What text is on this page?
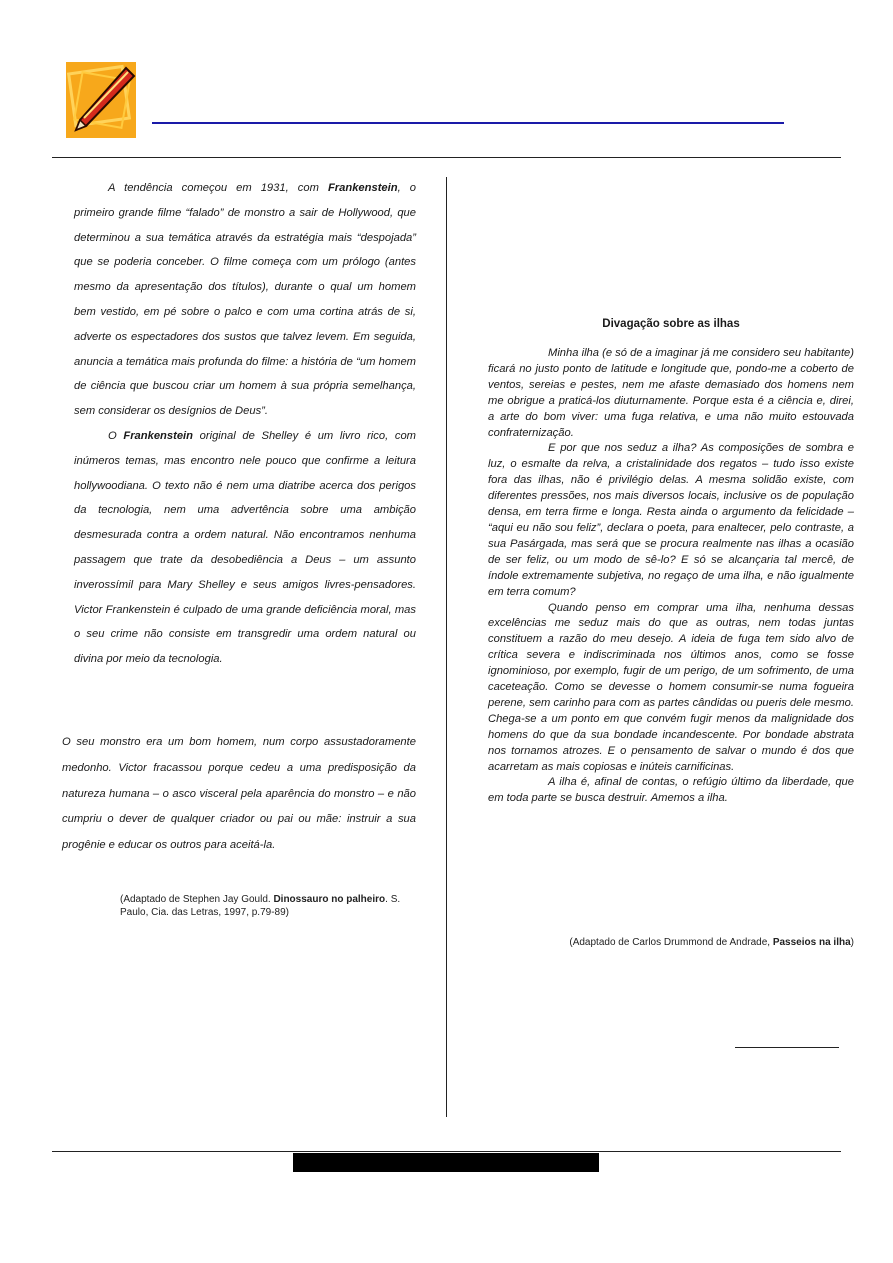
A tendência começou em 1931, com Frankenstein, o primeiro grande filme “falado” de monstro a sair de Hollywood, que determinou a sua temática através da estratégia mais “despojada” que se poderia conceber. O filme começa com um prólogo (antes mesmo da apresentação dos títulos), durante o qual um homem bem vestido, em pé sobre o palco e com uma cortina atrás de si, adverte os espectadores dos sustos que talvez levem. Em seguida, anuncia a temática mais profunda do filme: a história de “um homem de ciência que buscou criar um homem à sua própria semelhança, sem considerar os desígnios de Deus”.

O Frankenstein original de Shelley é um livro rico, com inúmeros temas, mas encontro nele pouco que confirme a leitura hollywoodiana. O texto não é nem uma diatribe acerca dos perigos da tecnologia, nem uma advertência sobre uma ambição desmesurada contra a ordem natural. Não encontramos nenhuma passagem que trate da desobediência a Deus – um assunto inverossímil para Mary Shelley e seus amigos livres-pensadores. Victor Frankenstein é culpado de uma grande deficiência moral, mas o seu crime não consiste em transgredir uma ordem natural ou divina por meio da tecnologia.

O seu monstro era um bom homem, num corpo assustadoramente medonho. Victor fracassou porque cedeu a uma predisposição da natureza humana – o asco visceral pela aparência do monstro – e não cumpriu o dever de qualquer criador ou pai ou mãe: instruir a sua progênie e educar os outros para aceitá-la.

(Adaptado de Stephen Jay Gould. Dinossauro no palheiro. S. Paulo, Cia. das Letras, 1997, p.79-89)
Divagação sobre as ilhas

Minha ilha (e só de a imaginar já me considero seu habitante) ficará no justo ponto de latitude e longitude que, pondo-me a coberto de ventos, sereias e pestes, nem me afaste demasiado dos homens nem me obrigue a praticá-los diuturnamente. Porque esta é a ciência e, direi, a arte do bom viver: uma fuga relativa, e uma não muito estouvada confraternização.

E por que nos seduz a ilha? As composições de sombra e luz, o esmalte da relva, a cristalinidade dos regatos – tudo isso existe fora das ilhas, não é privilégio delas. A mesma solidão existe, com diferentes pressões, nos mais diversos locais, inclusive os de população densa, em terra firme e longa. Resta ainda o argumento da felicidade – “aqui eu não sou feliz”, declara o poeta, para enaltecer, pelo contraste, a sua Pasárgada, mas será que se procura realmente nas ilhas a ocasião de ser feliz, ou um modo de sê-lo? E só se alcançaria tal mercê, de índole extremamente subjetiva, no regaço de uma ilha, e não igualmente em terra comum?

Quando penso em comprar uma ilha, nenhuma dessas excelências me seduz mais do que as outras, nem todas juntas constituem a razão do meu desejo. A ideia de fuga tem sido alvo de crítica severa e indiscriminada nos últimos anos, como se fosse ignominioso, por exemplo, fugir de um perigo, de um sofrimento, de uma caceteação. Como se devesse o homem consumir-se numa fogueira perene, sem carinho para com as partes cândidas ou pueris dele mesmo. Chega-se a um ponto em que convém fugir menos da malignidade dos homens do que da sua bondade incandescente. Por bondade abstrata nos tornamos atrozes. E o pensamento de salvar o mundo é dos que acarretam as mais copiosas e inúteis carnificinas.

A ilha é, afinal de contas, o refúgio último da liberdade, que em toda parte se busca destruir. Amemos a ilha.

(Adaptado de Carlos Drummond de Andrade, Passeios na ilha)
